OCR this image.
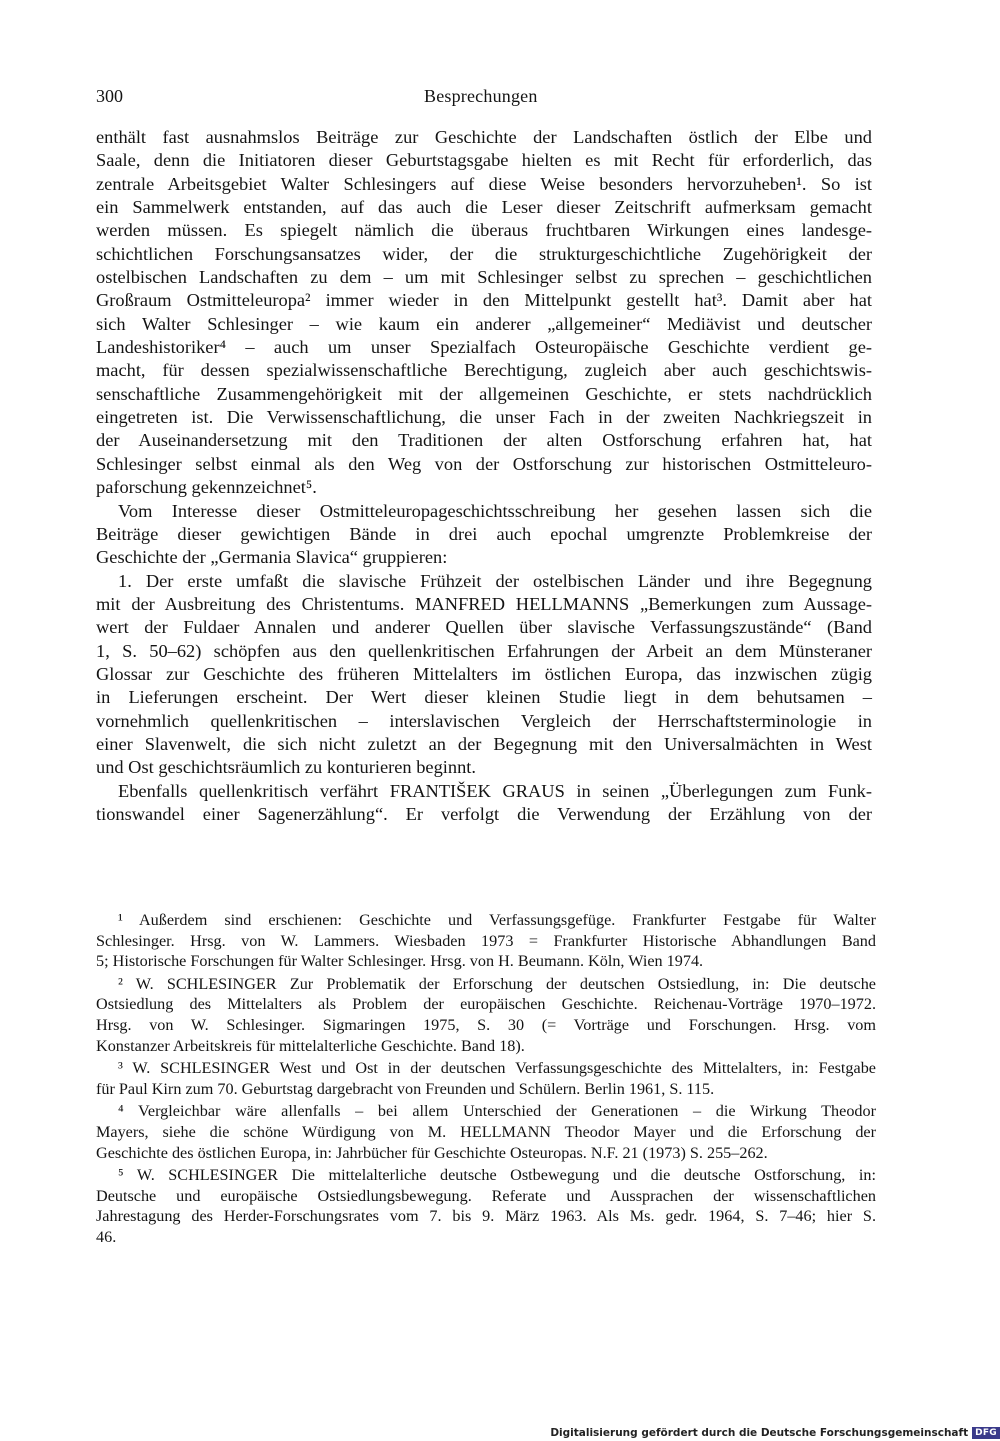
300	Besprechungen
enthält fast ausnahmslos Beiträge zur Geschichte der Landschaften östlich der Elbe und
Saale, denn die Initiatoren dieser Geburtstagsgabe hielten es mit Recht für erforderlich, das
zentrale Arbeitsgebiet Walter Schlesingers auf diese Weise besonders hervorzuheben¹. So ist
ein Sammelwerk entstanden, auf das auch die Leser dieser Zeitschrift aufmerksam gemacht
werden müssen. Es spiegelt nämlich die überaus fruchtbaren Wirkungen eines landesge-
schichtlichen Forschungsansatzes wider, der die strukturgeschichtliche Zugehörigkeit der
ostelbischen Landschaften zu dem – um mit Schlesinger selbst zu sprechen – geschichtlichen
Großraum Ostmitteleuropa² immer wieder in den Mittelpunkt gestellt hat³. Damit aber hat
sich Walter Schlesinger – wie kaum ein anderer „allgemeiner“ Mediävist und deutscher
Landeshistoriker⁴ – auch um unser Spezialfach Osteuropäische Geschichte verdient ge-
macht, für dessen spezialwissenschaftliche Berechtigung, zugleich aber auch geschichtswis-
senschaftliche Zusammengehörigkeit mit der allgemeinen Geschichte, er stets nachdrücklich
eingetreten ist. Die Verwissenschaftlichung, die unser Fach in der zweiten Nachkriegszeit in
der Auseinandersetzung mit den Traditionen der alten Ostforschung erfahren hat, hat
Schlesinger selbst einmal als den Weg von der Ostforschung zur historischen Ostmitteleuro-
paforschung gekennzeichnet⁵.
Vom Interesse dieser Ostmitteleuropageschichtsschreibung her gesehen lassen sich die
Beiträge dieser gewichtigen Bände in drei auch epochal umgrenzte Problemkreise der
Geschichte der „Germania Slavica“ gruppieren:
1. Der erste umfaßt die slavische Frühzeit der ostelbischen Länder und ihre Begegnung
mit der Ausbreitung des Christentums. MANFRED HELLMANNS „Bemerkungen zum Aussage-
wert der Fuldaer Annalen und anderer Quellen über slavische Verfassungszustände“ (Band
1, S. 50–62) schöpfen aus den quellenkritischen Erfahrungen der Arbeit an dem Münsteraner
Glossar zur Geschichte des früheren Mittelalters im östlichen Europa, das inzwischen zügig
in Lieferungen erscheint. Der Wert dieser kleinen Studie liegt in dem behutsamen –
vornehmlich quellenkritischen – interslavischen Vergleich der Herrschaftsterminologie in
einer Slavenwelt, die sich nicht zuletzt an der Begegnung mit den Universalmächten in West
und Ost geschichtsräumlich zu konturieren beginnt.
Ebenfalls quellenkritisch verfährt FRANTIŠEK GRAUS in seinen „Überlegungen zum Funk-
tionswandel einer Sagenerzählung“. Er verfolgt die Verwendung der Erzählung von der
¹ Außerdem sind erschienen: Geschichte und Verfassungsgefüge. Frankfurter Festgabe für Walter
Schlesinger. Hrsg. von W. Lammers. Wiesbaden 1973 = Frankfurter Historische Abhandlungen Band
5; Historische Forschungen für Walter Schlesinger. Hrsg. von H. Beumann. Köln, Wien 1974.
² W. SCHLESINGER Zur Problematik der Erforschung der deutschen Ostsiedlung, in: Die deutsche
Ostsiedlung des Mittelalters als Problem der europäischen Geschichte. Reichenau-Vorträge 1970–1972.
Hrsg. von W. Schlesinger. Sigmaringen 1975, S. 30 (= Vorträge und Forschungen. Hrsg. vom
Konstanzer Arbeitskreis für mittelalterliche Geschichte. Band 18).
³ W. SCHLESINGER West und Ost in der deutschen Verfassungsgeschichte des Mittelalters, in: Festgabe
für Paul Kirn zum 70. Geburtstag dargebracht von Freunden und Schülern. Berlin 1961, S. 115.
⁴ Vergleichbar wäre allenfalls – bei allem Unterschied der Generationen – die Wirkung Theodor
Mayers, siehe die schöne Würdigung von M. HELLMANN Theodor Mayer und die Erforschung der
Geschichte des östlichen Europa, in: Jahrbücher für Geschichte Osteuropas. N.F. 21 (1973) S. 255–262.
⁵ W. SCHLESINGER Die mittelalterliche deutsche Ostbewegung und die deutsche Ostforschung, in:
Deutsche und europäische Ostsiedlungsbewegung. Referate und Aussprachen der wissenschaftlichen
Jahrestagung des Herder-Forschungsrates vom 7. bis 9. März 1963. Als Ms. gedr. 1964, S. 7–46; hier S.
46.
Digitalisierung gefördert durch die Deutsche Forschungsgemeinschaft DFG
